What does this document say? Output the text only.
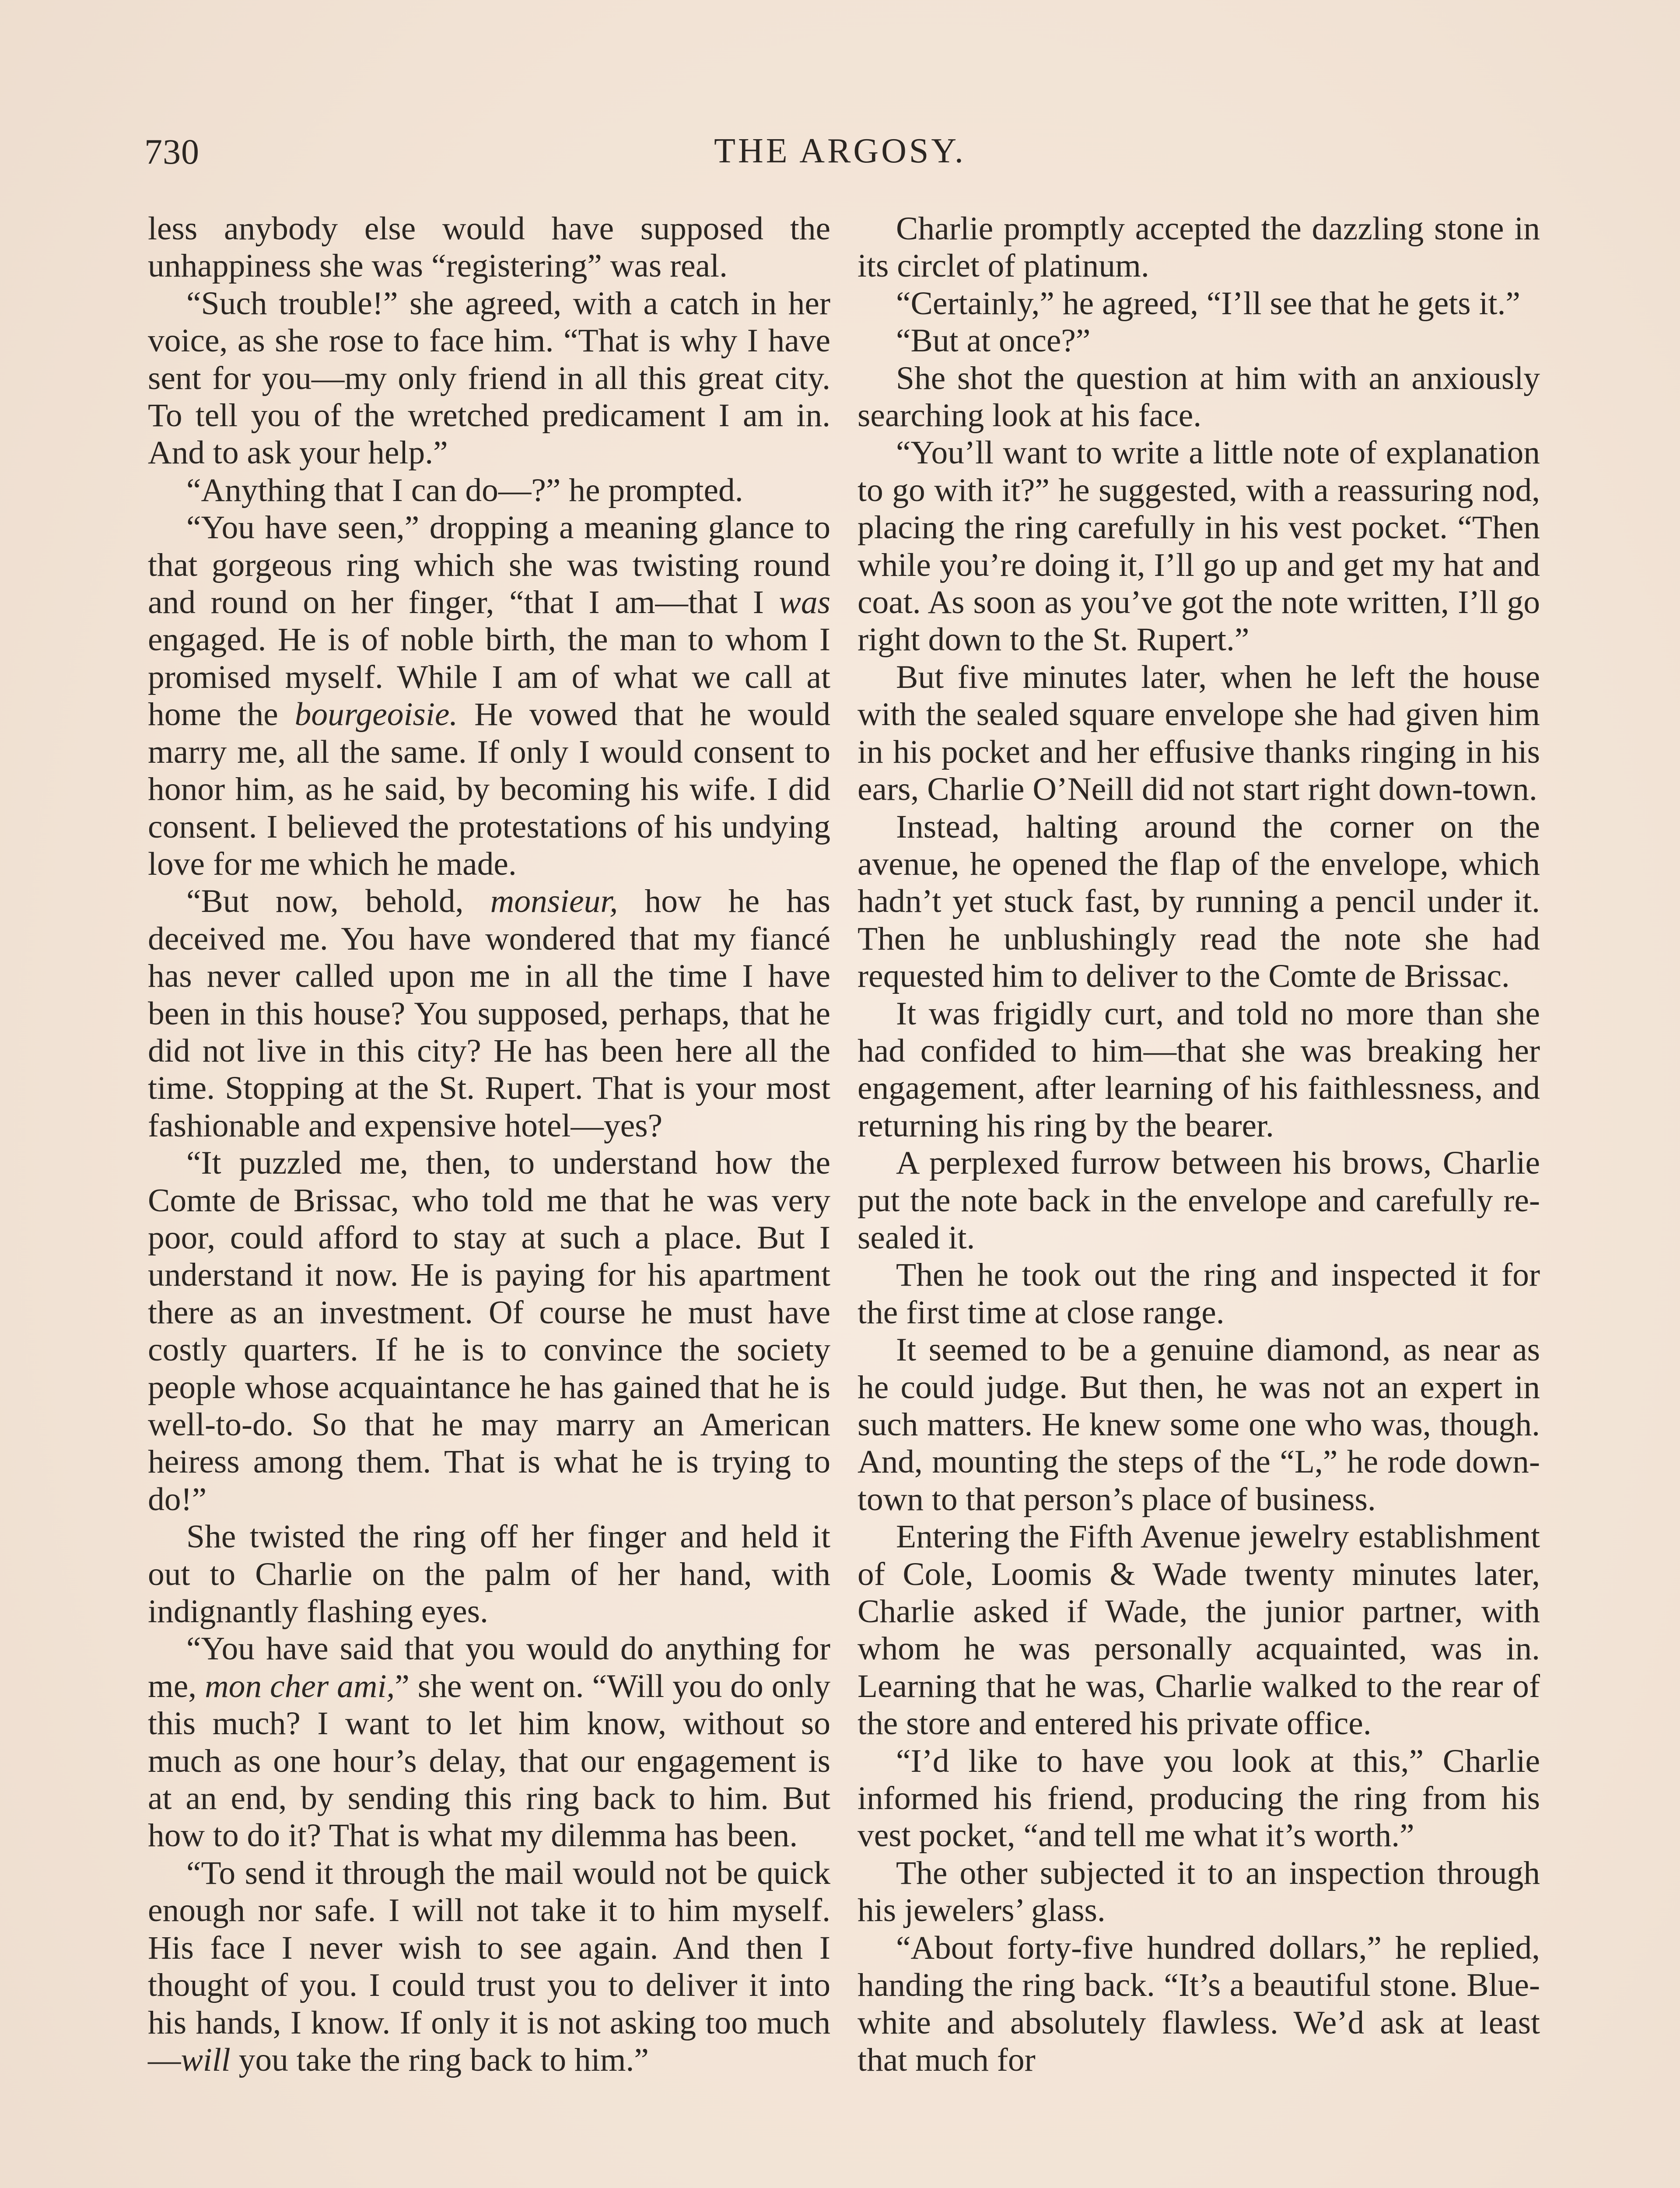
730	THE ARGOSY.

less anybody else would have supposed the unhappiness she was “registering” was real.

“Such trouble!” she agreed, with a catch in her voice, as she rose to face him. “That is why I have sent for you—my only friend in all this great city. To tell you of the wretched predicament I am in. And to ask your help.”

“Anything that I can do—?” he prompted.

“You have seen,” dropping a meaning glance to that gorgeous ring which she was twisting round and round on her finger, “that I am—that I was engaged. He is of noble birth, the man to whom I promised myself. While I am of what we call at home the bourgeoisie. He vowed that he would marry me, all the same. If only I would consent to honor him, as he said, by becoming his wife. I did consent. I believed the protestations of his undying love for me which he made.

“But now, behold, monsieur, how he has deceived me. You have wondered that my fiancé has never called upon me in all the time I have been in this house? You supposed, perhaps, that he did not live in this city? He has been here all the time. Stopping at the St. Rupert. That is your most fashionable and expensive hotel—yes?

“It puzzled me, then, to understand how the Comte de Brissac, who told me that he was very poor, could afford to stay at such a place. But I understand it now. He is paying for his apartment there as an investment. Of course he must have costly quarters. If he is to convince the society people whose acquaintance he has gained that he is well-to-do. So that he may marry an American heiress among them. That is what he is trying to do!”

She twisted the ring off her finger and held it out to Charlie on the palm of her hand, with indignantly flashing eyes.

“You have said that you would do anything for me, mon cher ami,” she went on. “Will you do only this much? I want to let him know, without so much as one hour’s delay, that our engagement is at an end, by sending this ring back to him. But how to do it? That is what my dilemma has been.

“To send it through the mail would not be quick enough nor safe. I will not take it to him myself. His face I never wish to see again. And then I thought of you. I could trust you to deliver it into his hands, I know. If only it is not asking too much —will you take the ring back to him.”

Charlie promptly accepted the dazzling stone in its circlet of platinum.

“Certainly,” he agreed, “I’ll see that he gets it.”

“But at once?”

She shot the question at him with an anxiously searching look at his face.

“You’ll want to write a little note of explanation to go with it?” he suggested, with a reassuring nod, placing the ring carefully in his vest pocket. “Then while you’re doing it, I’ll go up and get my hat and coat. As soon as you’ve got the note written, I’ll go right down to the St. Rupert.”

But five minutes later, when he left the house with the sealed square envelope she had given him in his pocket and her effusive thanks ringing in his ears, Charlie O’Neill did not start right down-town.

Instead, halting around the corner on the avenue, he opened the flap of the envelope, which hadn’t yet stuck fast, by running a pencil under it. Then he unblushingly read the note she had requested him to deliver to the Comte de Brissac.

It was frigidly curt, and told no more than she had confided to him—that she was breaking her engagement, after learning of his faithlessness, and returning his ring by the bearer.

A perplexed furrow between his brows, Charlie put the note back in the envelope and carefully re-sealed it.

Then he took out the ring and inspected it for the first time at close range.

It seemed to be a genuine diamond, as near as he could judge. But then, he was not an expert in such matters. He knew some one who was, though. And, mounting the steps of the “L,” he rode down-town to that person’s place of business.

Entering the Fifth Avenue jewelry establishment of Cole, Loomis & Wade twenty minutes later, Charlie asked if Wade, the junior partner, with whom he was personally acquainted, was in. Learning that he was, Charlie walked to the rear of the store and entered his private office.

“I’d like to have you look at this,” Charlie informed his friend, producing the ring from his vest pocket, “and tell me what it’s worth.”

The other subjected it to an inspection through his jewelers’ glass.

“About forty-five hundred dollars,” he replied, handing the ring back. “It’s a beautiful stone. Blue-white and absolutely flawless. We’d ask at least that much for
